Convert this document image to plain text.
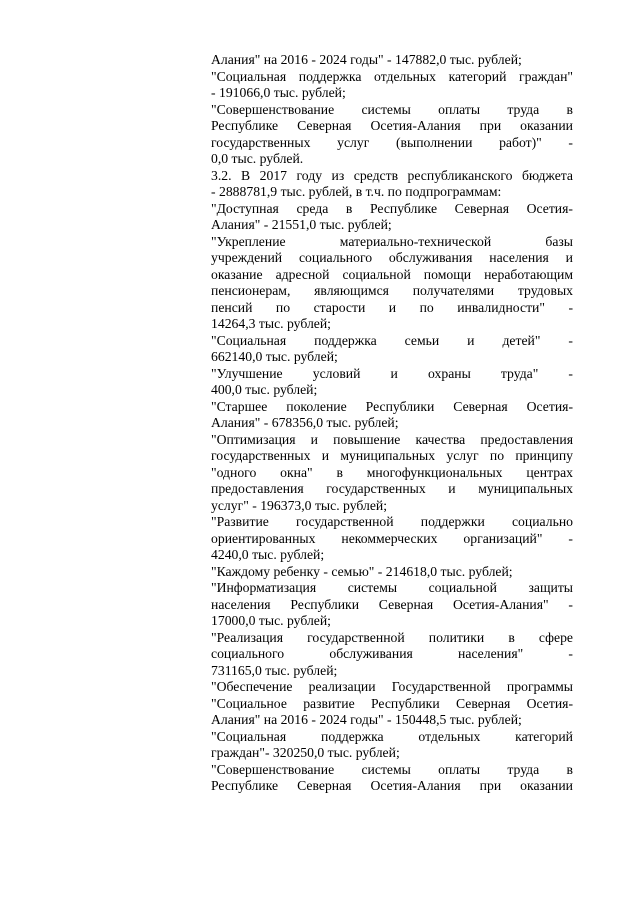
Алания" на 2016 - 2024 годы" - 147882,0 тыс. рублей;
"Социальная поддержка отдельных категорий граждан"
- 191066,0 тыс. рублей;
"Совершенствование системы оплаты труда в
Республике Северная Осетия-Алания при оказании
государственных услуг (выполнении работ)" -
0,0 тыс. рублей.
3.2. В 2017 году из средств республиканского бюджета
- 2888781,9 тыс. рублей, в т.ч. по подпрограммам:
"Доступная среда в Республике Северная Осетия-
Алания" - 21551,0 тыс. рублей;
"Укрепление материально-технической базы
учреждений социального обслуживания населения и
оказание адресной социальной помощи неработающим
пенсионерам, являющимся получателями трудовых
пенсий по старости и по инвалидности" -
14264,3 тыс. рублей;
"Социальная поддержка семьи и детей" -
662140,0 тыс. рублей;
"Улучшение условий и охраны труда" -
400,0 тыс. рублей;
"Старшее поколение Республики Северная Осетия-
Алания" - 678356,0 тыс. рублей;
"Оптимизация и повышение качества предоставления
государственных и муниципальных услуг по принципу
"одного окна" в многофункциональных центрах
предоставления государственных и муниципальных
услуг" - 196373,0 тыс. рублей;
"Развитие государственной поддержки социально
ориентированных некоммерческих организаций" -
4240,0 тыс. рублей;
"Каждому ребенку - семью" - 214618,0 тыс. рублей;
"Информатизация системы социальной защиты
населения Республики Северная Осетия-Алания" -
17000,0 тыс. рублей;
"Реализация государственной политики в сфере
социального обслуживания населения" -
731165,0 тыс. рублей;
"Обеспечение реализации Государственной программы
"Социальное развитие Республики Северная Осетия-
Алания" на 2016 - 2024 годы" - 150448,5 тыс. рублей;
"Социальная поддержка отдельных категорий
граждан"- 320250,0 тыс. рублей;
"Совершенствование системы оплаты труда в
Республике Северная Осетия-Алания при оказании
